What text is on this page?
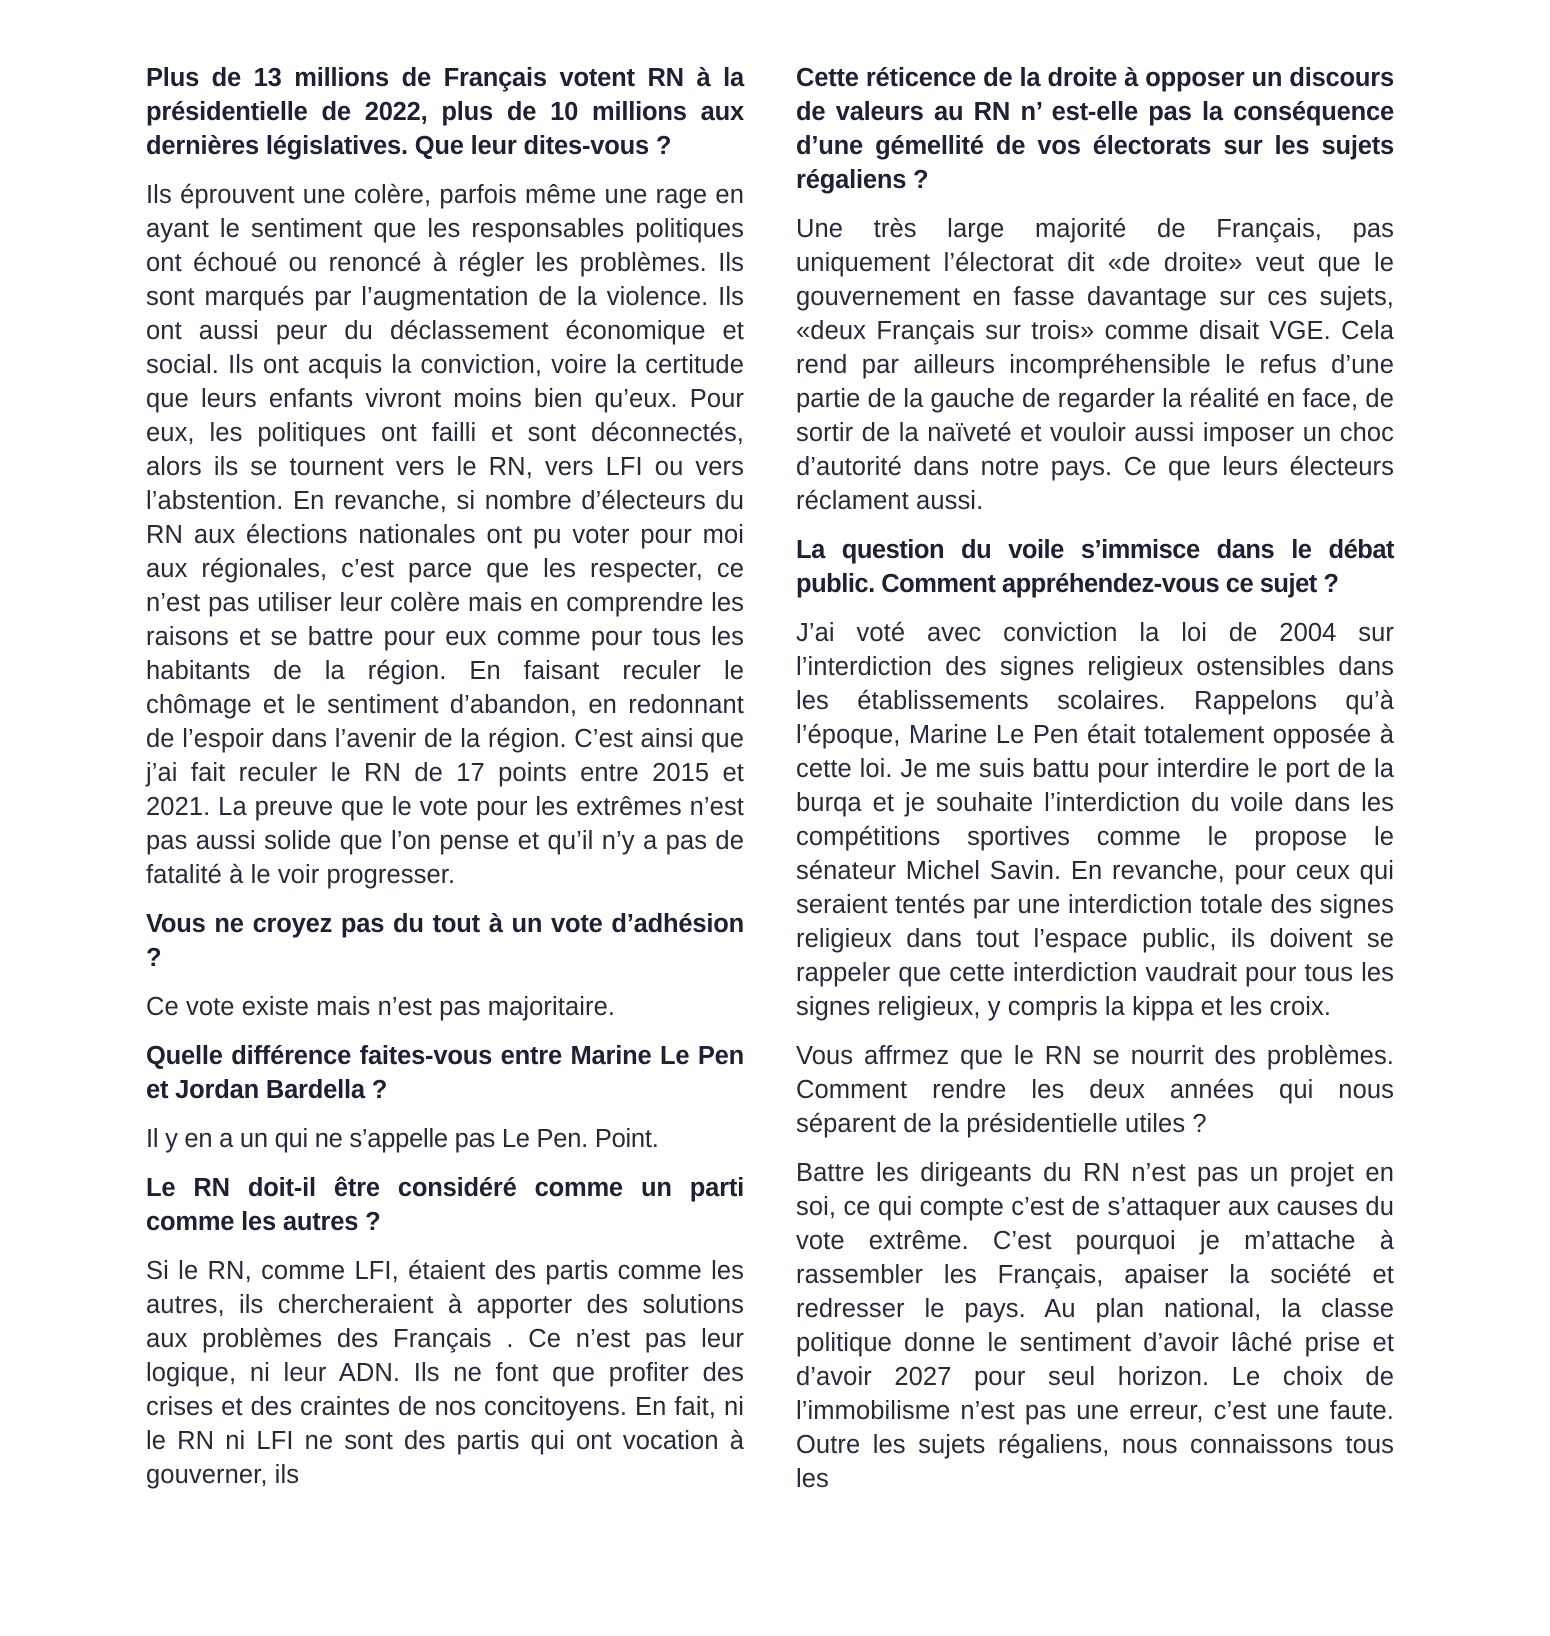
Plus de 13 millions de Français votent RN à la présidentielle de 2022, plus de 10 millions aux dernières législatives. Que leur dites-vous ?

Ils éprouvent une colère, parfois même une rage en ayant le sentiment que les responsables politiques ont échoué ou renoncé à régler les problèmes. Ils sont marqués par l’augmentation de la violence. Ils ont aussi peur du déclassement économique et social. Ils ont acquis la conviction, voire la certitude que leurs enfants vivront moins bien qu’eux. Pour eux, les politiques ont failli et sont déconnectés, alors ils se tournent vers le RN, vers LFI ou vers l’abstention. En revanche, si nombre d’électeurs du RN aux élections nationales ont pu voter pour moi aux régionales, c’est parce que les respecter, ce n’est pas utiliser leur colère mais en comprendre les raisons et se battre pour eux comme pour tous les habitants de la région. En faisant reculer le chômage et le sentiment d’abandon, en redonnant de l’espoir dans l’avenir de la région. C’est ainsi que j’ai fait reculer le RN de 17 points entre 2015 et 2021. La preuve que le vote pour les extrêmes n’est pas aussi solide que l’on pense et qu’il n’y a pas de fatalité à le voir progresser.

Vous ne croyez pas du tout à un vote d’adhésion ?

Ce vote existe mais n’est pas majoritaire.

Quelle différence faites-vous entre Marine Le Pen et Jordan Bardella ?

Il y en a un qui ne s’appelle pas Le Pen. Point.

Le RN doit-il être considéré comme un parti comme les autres ?

Si le RN, comme LFI, étaient des partis comme les autres, ils chercheraient à apporter des solutions aux problèmes des Français . Ce n’est pas leur logique, ni leur ADN. Ils ne font que profiter des crises et des craintes de nos concitoyens. En fait, ni le RN ni LFI ne sont des partis qui ont vocation à gouverner, ils

Cette réticence de la droite à opposer un discours de valeurs au RN n’ est-elle pas la conséquence d’une gémellité de vos électorats sur les sujets régaliens ?

Une très large majorité de Français, pas uniquement l’électorat dit «de droite» veut que le gouvernement en fasse davantage sur ces sujets, «deux Français sur trois» comme disait VGE. Cela rend par ailleurs incompréhensible le refus d’une partie de la gauche de regarder la réalité en face, de sortir de la naïveté et vouloir aussi imposer un choc d’autorité dans notre pays. Ce que leurs électeurs réclament aussi.

La question du voile s’immisce dans le débat public. Comment appréhendez-vous ce sujet ?

J’ai voté avec conviction la loi de 2004 sur l’interdiction des signes religieux ostensibles dans les établissements scolaires. Rappelons qu’à l’époque, Marine Le Pen était totalement opposée à cette loi. Je me suis battu pour interdire le port de la burqa et je souhaite l’interdiction du voile dans les compétitions sportives comme le propose le sénateur Michel Savin. En revanche, pour ceux qui seraient tentés par une interdiction totale des signes religieux dans tout l’espace public, ils doivent se rappeler que cette interdiction vaudrait pour tous les signes religieux, y compris la kippa et les croix.

Vous affrmez que le RN se nourrit des problèmes. Comment rendre les deux années qui nous séparent de la présidentielle utiles ?

Battre les dirigeants du RN n’est pas un projet en soi, ce qui compte c’est de s’attaquer aux causes du vote extrême. C’est pourquoi je m’attache à rassembler les Français, apaiser la société et redresser le pays. Au plan national, la classe politique donne le sentiment d’avoir lâché prise et d’avoir 2027 pour seul horizon. Le choix de l’immobilisme n’est pas une erreur, c’est une faute. Outre les sujets régaliens, nous connaissons tous les
